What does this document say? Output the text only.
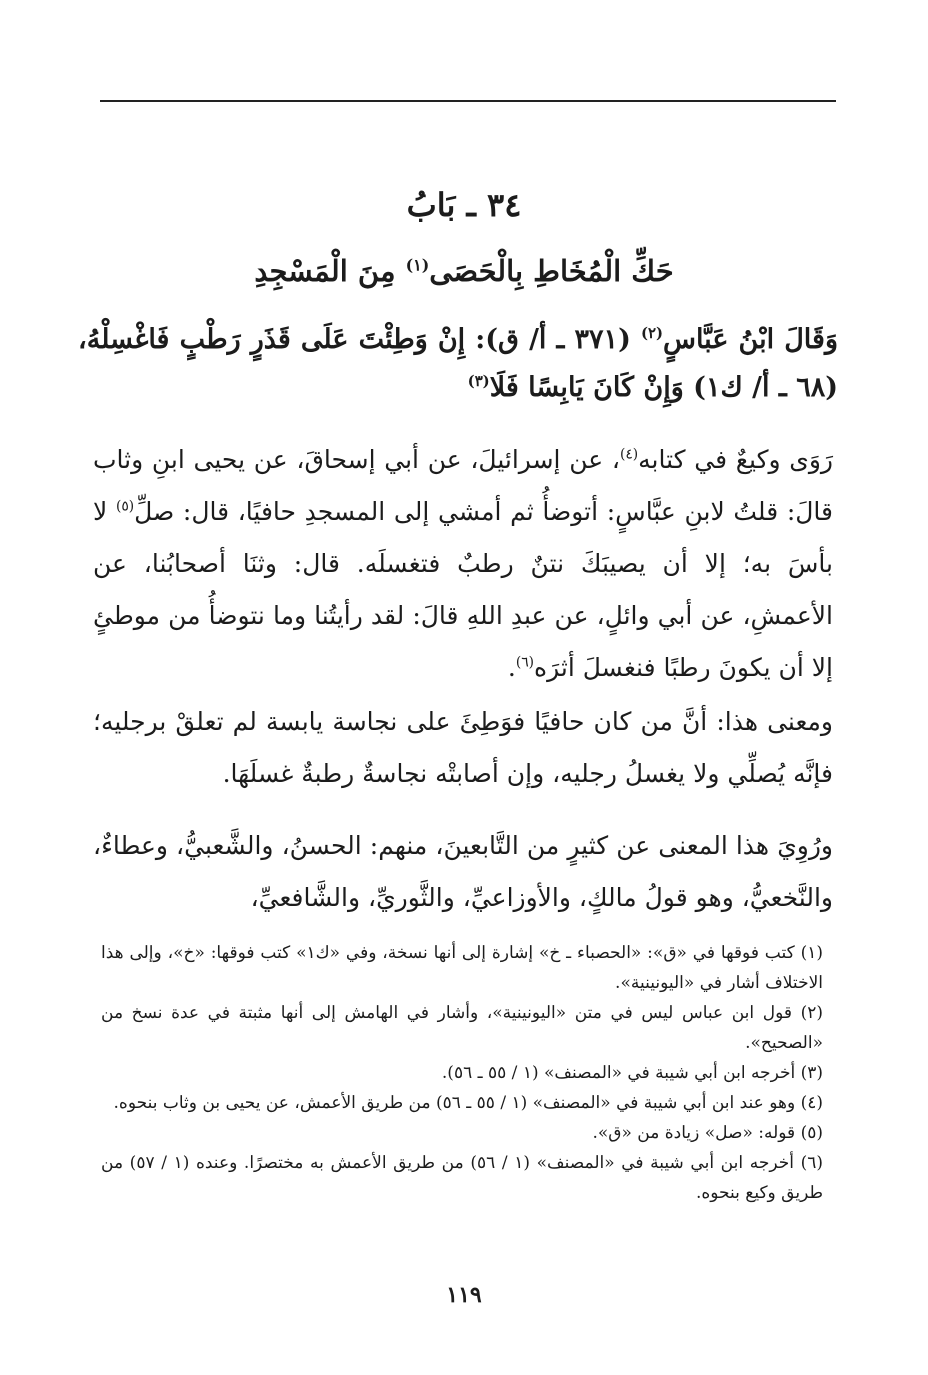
٣٤ ـ بَابُ
حَكِّ الْمُخَاطِ بِالْحَصَى$^{(١)}$ مِنَ الْمَسْجِدِ
وَقَالَ ابْنُ عَبَّاسٍ$^{(٢)}$ (٣٧١ ـ أ/ ق): إِنْ وَطِئْتَ عَلَى قَذَرٍ رَطْبٍ فَاغْسِلْهُ، (٦٨ ـ أ/ ك١) وَإِنْ كَانَ يَابِسًا فَلَا$^{(٣)}$
رَوَى وكيعٌ في كتابه$^{(٤)}$، عن إسرائيلَ، عن أبي إسحاقَ، عن يحيى ابنِ وثاب قالَ: قلتُ لابنِ عبَّاسٍ: أتوضأُ ثم أمشي إلى المسجدِ حافيًا، قال: صلِّ$^{(٥)}$ لا بأسَ به؛ إلا أن يصيبَكَ نتنٌ رطبٌ فتغسلَه. قال: وثنَا أصحابُنا، عن الأعمشِ، عن أبي وائلٍ، عن عبدِ اللهِ قالَ: لقد رأيتُنا وما نتوضأُ من موطئٍ إلا أن يكونَ رطبًا فنغسلَ أثرَه$^{(٦)}$.
ومعنى هذا: أنَّ من كان حافيًا فوَطِئَ على نجاسة يابسة لم تعلقْ برجليه؛ فإنَّه يُصلِّي ولا يغسلُ رجليه، وإن أصابتْه نجاسةٌ رطبةٌ غسلَهَا.
ورُوِيَ هذا المعنى عن كثيرٍ من التَّابعينَ، منهم: الحسنُ، والشَّعبيُّ، وعطاءٌ، والنَّخعيُّ، وهو قولُ مالكٍ، والأوزاعيِّ، والثَّوريِّ، والشَّافعيِّ،

(١) كتب فوقها في «ق»: «الحصباء ـ خ» إشارة إلى أنها نسخة، وفي «ك١» كتب فوقها: «خ»، وإلى هذا الاختلاف أشار في «اليونينية».

(٢) قول ابن عباس ليس في متن «اليونينية»، وأشار في الهامش إلى أنها مثبتة في عدة نسخ من «الصحيح».

(٣) أخرجه ابن أبي شيبة في «المصنف» (١ / ٥٥ ـ ٥٦).

(٤) وهو عند ابن أبي شيبة في «المصنف» (١ / ٥٥ ـ ٥٦) من طريق الأعمش، عن يحيى بن وثاب بنحوه.

(٥) قوله: «صل» زيادة من «ق».

(٦) أخرجه ابن أبي شيبة في «المصنف» (١ / ٥٦) من طريق الأعمش به مختصرًا. وعنده (١ / ٥٧) من طريق وكيع بنحوه.

١١٩
